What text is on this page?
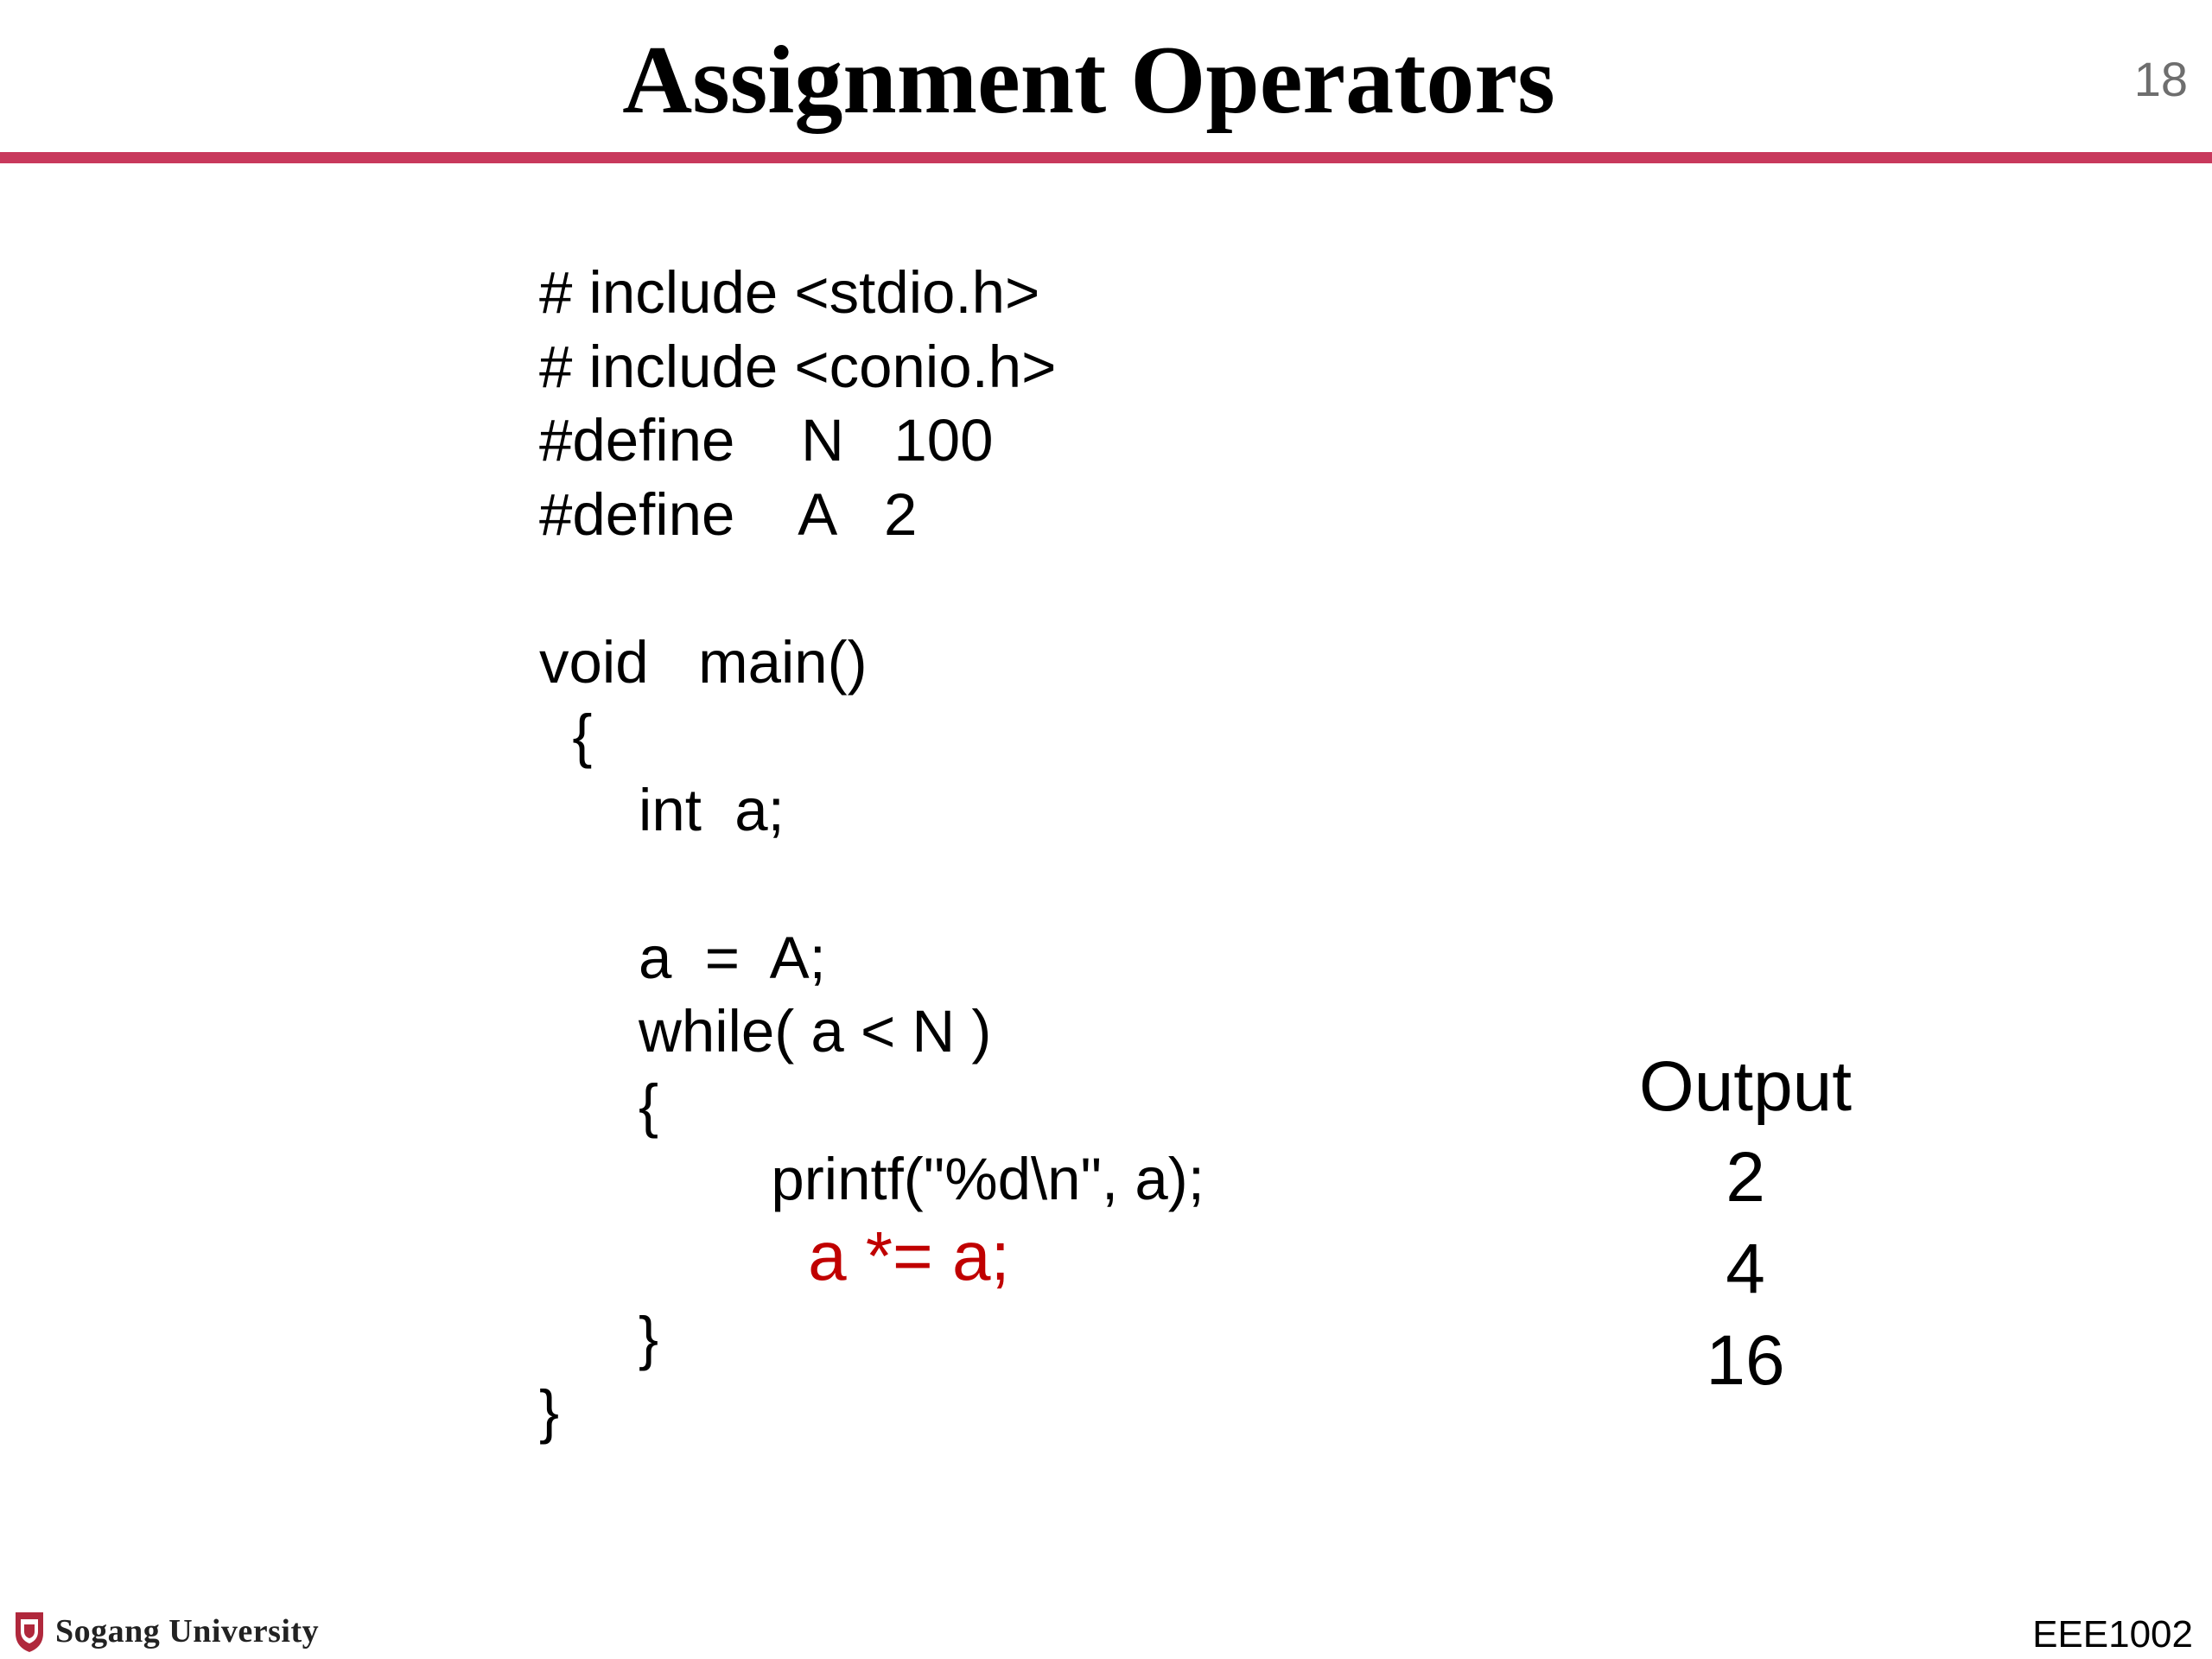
Assignment Operators	18
# include <stdio.h>
# include <conio.h>
#define    N   100
#define    A   2
void   main()
{
int  a;
a  =  A;
while( a < N )
{
printf("%d\n", a);
a *= a;
}
}
Output
2
4
16
Sogang University	EEE1002
